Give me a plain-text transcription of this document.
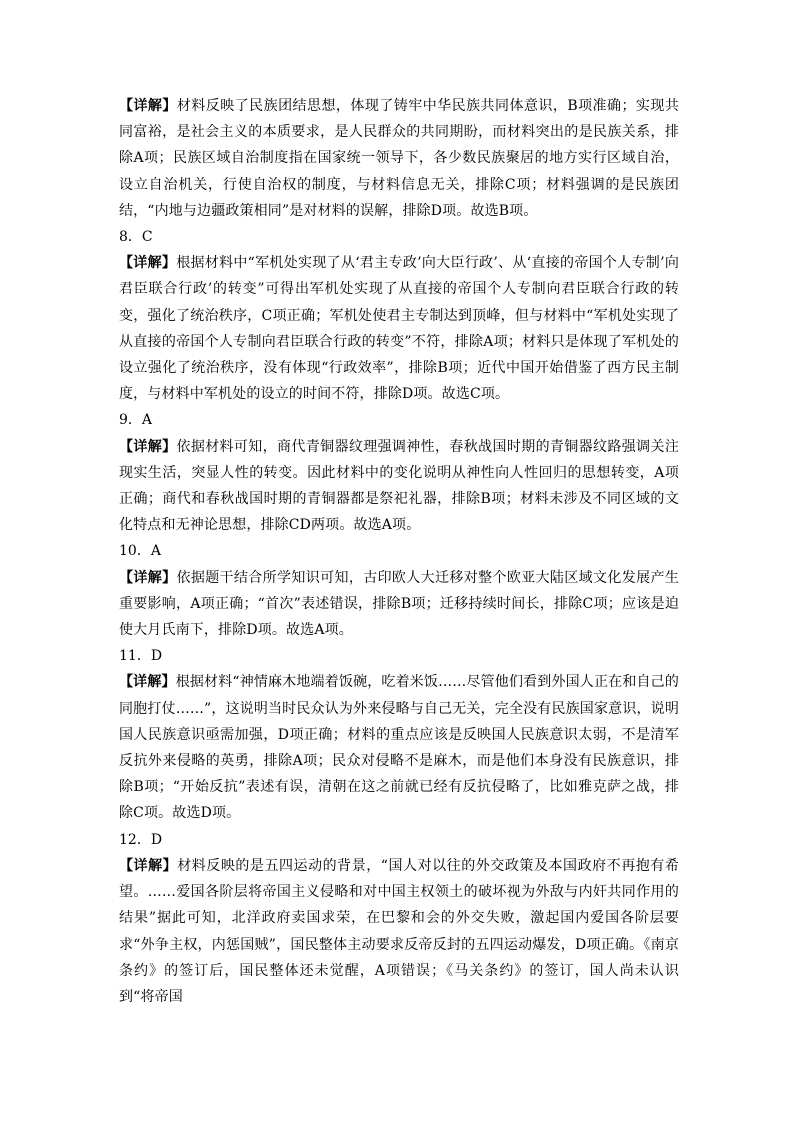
【详解】材料反映了民族团结思想，体现了铸牢中华民族共同体意识，B项准确；实现共同富裕，是社会主义的本质要求，是人民群众的共同期盼，而材料突出的是民族关系，排除A项；民族区域自治制度指在国家统一领导下，各少数民族聚居的地方实行区域自治，设立自治机关，行使自治权的制度，与材料信息无关，排除C项；材料强调的是民族团结，“内地与边疆政策相同”是对材料的误解，排除D项。故选B项。

8．C

【详解】根据材料中“军机处实现了从‘君主专政’向大臣行政’、从‘直接的帝国个人专制’向君臣联合行政’的转变”可得出军机处实现了从直接的帝国个人专制向君臣联合行政的转变，强化了统治秩序，C项正确；军机处使君主专制达到顶峰，但与材料中“军机处实现了从直接的帝国个人专制向君臣联合行政的转变”不符，排除A项；材料只是体现了军机处的设立强化了统治秩序，没有体现“行政效率”，排除B项；近代中国开始借鉴了西方民主制度，与材料中军机处的设立的时间不符，排除D项。故选C项。

9．A

【详解】依据材料可知，商代青铜器纹理强调神性，春秋战国时期的青铜器纹路强调关注现实生活，突显人性的转变。因此材料中的变化说明从神性向人性回归的思想转变，A项正确；商代和春秋战国时期的青铜器都是祭祀礼器，排除B项；材料未涉及不同区域的文化特点和无神论思想，排除CD两项。故选A项。

10．A

【详解】依据题干结合所学知识可知，古印欧人大迁移对整个欧亚大陆区域文化发展产生重要影响，A项正确；“首次”表述错误，排除B项；迁移持续时间长，排除C项；应该是迫使大月氏南下，排除D项。故选A项。

11．D

【详解】根据材料“神情麻木地端着饭碗，吃着米饭……尽管他们看到外国人正在和自己的同胞打仗……”，这说明当时民众认为外来侵略与自己无关，完全没有民族国家意识，说明国人民族意识亟需加强，D项正确；材料的重点应该是反映国人民族意识太弱，不是清军反抗外来侵略的英勇，排除A项；民众对侵略不是麻木，而是他们本身没有民族意识，排除B项；“开始反抗”表述有误，清朝在这之前就已经有反抗侵略了，比如雅克萨之战，排除C项。故选D项。

12．D

【详解】材料反映的是五四运动的背景，“国人对以往的外交政策及本国政府不再抱有希望。……爱国各阶层将帝国主义侵略和对中国主权领土的破坏视为外敌与内奸共同作用的结果”据此可知，北洋政府卖国求荣，在巴黎和会的外交失败，激起国内爱国各阶层要求“外争主权，内惩国贼”，国民整体主动要求反帝反封的五四运动爆发，D项正确。《南京条约》的签订后，国民整体还未觉醒，A项错误；《马关条约》的签订，国人尚未认识到“将帝国
